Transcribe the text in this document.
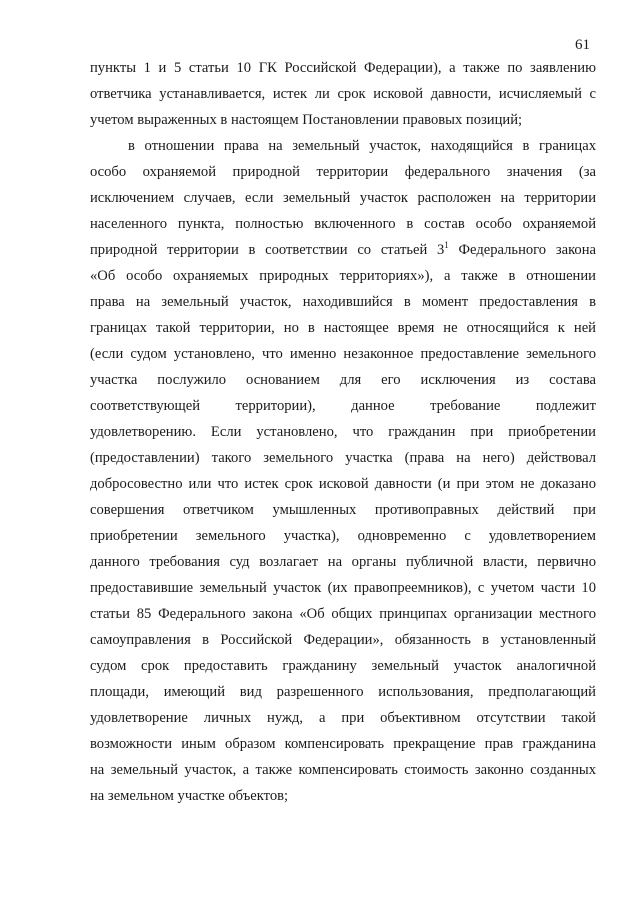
61
пункты 1 и 5 статьи 10 ГК Российской Федерации), а также по заявлению
ответчика устанавливается, истек ли срок исковой давности, исчисляемый с
учетом выраженных в настоящем Постановлении правовых позиций;
в отношении права на земельный участок, находящийся в границах
особо охраняемой природной территории федерального значения (за
исключением случаев, если земельный участок расположен на территории
населенного пункта, полностью включенного в состав особо охраняемой
природной территории в соответствии со статьей $3^1$ Федерального закона
«Об особо охраняемых природных территориях»), а также в отношении
права на земельный участок, находившийся в момент предоставления в
границах такой территории, но в настоящее время не относящийся к ней
(если судом установлено, что именно незаконное предоставление земельного
участка послужило основанием для его исключения из состава
соответствующей территории), данное требование подлежит
удовлетворению. Если установлено, что гражданин при приобретении
(предоставлении) такого земельного участка (права на него) действовал
добросовестно или что истек срок исковой давности (и при этом не доказано
совершения ответчиком умышленных противоправных действий при
приобретении земельного участка), одновременно с удовлетворением
данного требования суд возлагает на органы публичной власти, первично
предоставившие земельный участок (их правопреемников), с учетом части 10
статьи 85 Федерального закона «Об общих принципах организации местного
самоуправления в Российской Федерации», обязанность в установленный
судом срок предоставить гражданину земельный участок аналогичной
площади, имеющий вид разрешенного использования, предполагающий
удовлетворение личных нужд, а при объективном отсутствии такой
возможности иным образом компенсировать прекращение прав гражданина
на земельный участок, а также компенсировать стоимость законно созданных
на земельном участке объектов;
